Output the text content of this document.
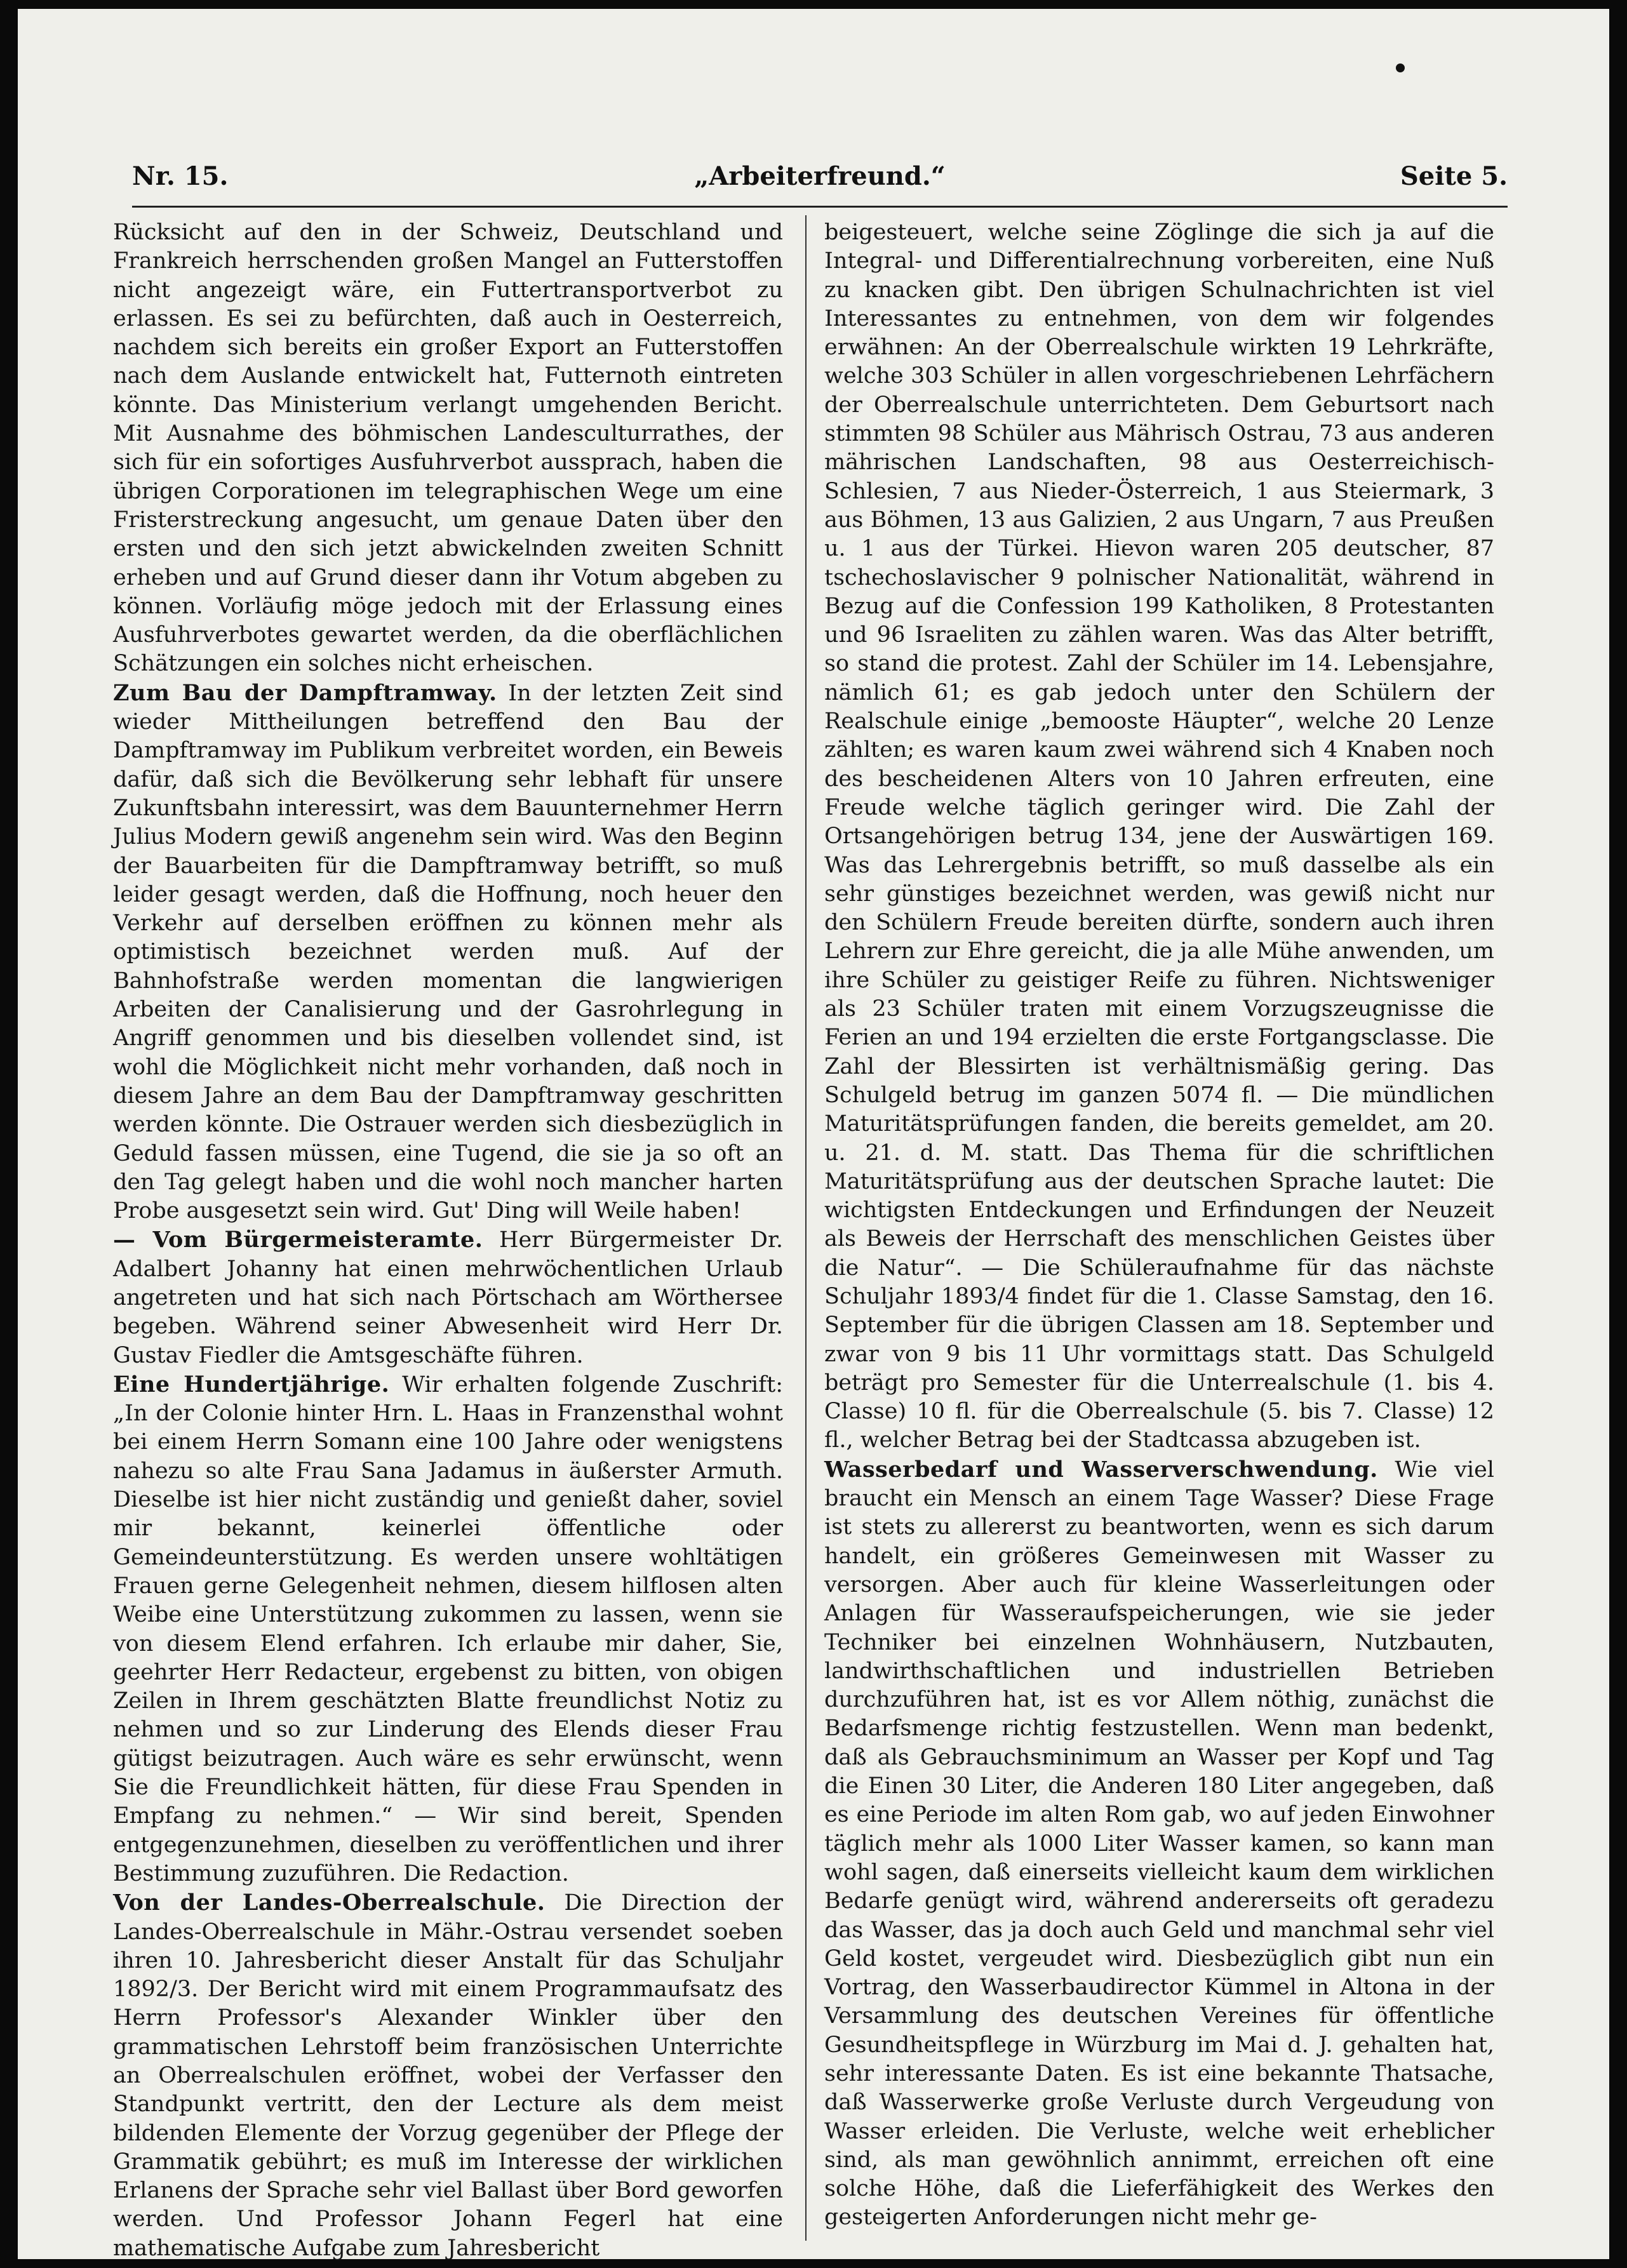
Nr. 15.	„Arbeiterfreund.“	Seite 5.

Rücksicht auf den in der Schweiz, Deutschland und Frankreich herrschenden großen Mangel an Futterstoffen nicht angezeigt wäre, ein Futtertransportverbot zu erlassen. Es sei zu befürchten, daß auch in Oesterreich, nachdem sich bereits ein großer Export an Futterstoffen nach dem Auslande entwickelt hat, Futternoth eintreten könnte. Das Ministerium verlangt umgehenden Bericht. Mit Ausnahme des böhmischen Landesculturrathes, der sich für ein sofortiges Ausfuhrverbot aussprach, haben die übrigen Corporationen im telegraphischen Wege um eine Fristerstreckung angesucht, um genaue Daten über den ersten und den sich jetzt abwickelnden zweiten Schnitt erheben und auf Grund dieser dann ihr Votum abgeben zu können. Vorläufig möge jedoch mit der Erlassung eines Ausfuhrverbotes gewartet werden, da die oberflächlichen Schätzungen ein solches nicht erheischen.

Zum Bau der Dampftramway. In der letzten Zeit sind wieder Mittheilungen betreffend den Bau der Dampftramway im Publikum verbreitet worden, ein Beweis dafür, daß sich die Bevölkerung sehr lebhaft für unsere Zukunftsbahn interessirt, was dem Bauunternehmer Herrn Julius Modern gewiß angenehm sein wird. Was den Beginn der Bauarbeiten für die Dampftramway betrifft, so muß leider gesagt werden, daß die Hoffnung, noch heuer den Verkehr auf derselben eröffnen zu können mehr als optimistisch bezeichnet werden muß. Auf der Bahnhofstraße werden momentan die langwierigen Arbeiten der Canalisierung und der Gasrohrlegung in Angriff genommen und bis dieselben vollendet sind, ist wohl die Möglichkeit nicht mehr vorhanden, daß noch in diesem Jahre an dem Bau der Dampftramway geschritten werden könnte. Die Ostrauer werden sich diesbezüglich in Geduld fassen müssen, eine Tugend, die sie ja so oft an den Tag gelegt haben und die wohl noch mancher harten Probe ausgesetzt sein wird. Gut' Ding will Weile haben!

— Vom Bürgermeisteramte. Herr Bürgermeister Dr. Adalbert Johanny hat einen mehrwöchentlichen Urlaub angetreten und hat sich nach Pörtschach am Wörthersee begeben. Während seiner Abwesenheit wird Herr Dr. Gustav Fiedler die Amtsgeschäfte führen.

Eine Hundertjährige. Wir erhalten folgende Zuschrift: „In der Colonie hinter Hrn. L. Haas in Franzensthal wohnt bei einem Herrn Somann eine 100 Jahre oder wenigstens nahezu so alte Frau Sana Jadamus in äußerster Armuth. Dieselbe ist hier nicht zuständig und genießt daher, soviel mir bekannt, keinerlei öffentliche oder Gemeindeunterstützung. Es werden unsere wohltätigen Frauen gerne Gelegenheit nehmen, diesem hilflosen alten Weibe eine Unterstützung zukommen zu lassen, wenn sie von diesem Elend erfahren. Ich erlaube mir daher, Sie, geehrter Herr Redacteur, ergebenst zu bitten, von obigen Zeilen in Ihrem geschätzten Blatte freundlichst Notiz zu nehmen und so zur Linderung des Elends dieser Frau gütigst beizutragen. Auch wäre es sehr erwünscht, wenn Sie die Freundlichkeit hätten, für diese Frau Spenden in Empfang zu nehmen.“ — Wir sind bereit, Spenden entgegenzunehmen, dieselben zu veröffentlichen und ihrer Bestimmung zuzuführen. Die Redaction.

Von der Landes-Oberrealschule. Die Direction der Landes-Oberrealschule in Mähr.-Ostrau versendet soeben ihren 10. Jahresbericht dieser Anstalt für das Schuljahr 1892/3. Der Bericht wird mit einem Programmaufsatz des Herrn Professor's Alexander Winkler über den grammatischen Lehrstoff beim französischen Unterrichte an Oberrealschulen eröffnet, wobei der Verfasser den Standpunkt vertritt, den der Lecture als dem meist bildenden Elemente der Vorzug gegenüber der Pflege der Grammatik gebührt; es muß im Interesse der wirklichen Erlanens der Sprache sehr viel Ballast über Bord geworfen werden. Und Professor Johann Fegerl hat eine mathematische Aufgabe zum Jahresbericht

beigesteuert, welche seine Zöglinge die sich ja auf die Integral- und Differentialrechnung vorbereiten, eine Nuß zu knacken gibt. Den übrigen Schulnachrichten ist viel Interessantes zu entnehmen, von dem wir folgendes erwähnen: An der Oberrealschule wirkten 19 Lehrkräfte, welche 303 Schüler in allen vorgeschriebenen Lehrfächern der Oberrealschule unterrichteten. Dem Geburtsort nach stimmten 98 Schüler aus Mährisch Ostrau, 73 aus anderen mährischen Landschaften, 98 aus Oesterreichisch-Schlesien, 7 aus Nieder-Österreich, 1 aus Steiermark, 3 aus Böhmen, 13 aus Galizien, 2 aus Ungarn, 7 aus Preußen u. 1 aus der Türkei. Hievon waren 205 deutscher, 87 tschechoslavischer 9 polnischer Nationalität, während in Bezug auf die Confession 199 Katholiken, 8 Protestanten und 96 Israeliten zu zählen waren. Was das Alter betrifft, so stand die protest. Zahl der Schüler im 14. Lebensjahre, nämlich 61; es gab jedoch unter den Schülern der Realschule einige „bemooste Häupter“, welche 20 Lenze zählten; es waren kaum zwei während sich 4 Knaben noch des bescheidenen Alters von 10 Jahren erfreuten, eine Freude welche täglich geringer wird. Die Zahl der Ortsangehörigen betrug 134, jene der Auswärtigen 169. Was das Lehrergebnis betrifft, so muß dasselbe als ein sehr günstiges bezeichnet werden, was gewiß nicht nur den Schülern Freude bereiten dürfte, sondern auch ihren Lehrern zur Ehre gereicht, die ja alle Mühe anwenden, um ihre Schüler zu geistiger Reife zu führen. Nichtsweniger als 23 Schüler traten mit einem Vorzugszeugnisse die Ferien an und 194 erzielten die erste Fortgangsclasse. Die Zahl der Blessirten ist verhältnismäßig gering. Das Schulgeld betrug im ganzen 5074 fl. — Die mündlichen Maturitätsprüfungen fanden, die bereits gemeldet, am 20. u. 21. d. M. statt. Das Thema für die schriftlichen Maturitätsprüfung aus der deutschen Sprache lautet: Die wichtigsten Entdeckungen und Erfindungen der Neuzeit als Beweis der Herrschaft des menschlichen Geistes über die Natur“. — Die Schüleraufnahme für das nächste Schuljahr 1893/4 findet für die 1. Classe Samstag, den 16. September für die übrigen Classen am 18. September und zwar von 9 bis 11 Uhr vormittags statt. Das Schulgeld beträgt pro Semester für die Unterrealschule (1. bis 4. Classe) 10 fl. für die Oberrealschule (5. bis 7. Classe) 12 fl., welcher Betrag bei der Stadtcassa abzugeben ist.

Wasserbedarf und Wasserverschwendung. Wie viel braucht ein Mensch an einem Tage Wasser? Diese Frage ist stets zu allererst zu beantworten, wenn es sich darum handelt, ein größeres Gemeinwesen mit Wasser zu versorgen. Aber auch für kleine Wasserleitungen oder Anlagen für Wasseraufspeicherungen, wie sie jeder Techniker bei einzelnen Wohnhäusern, Nutzbauten, landwirthschaftlichen und industriellen Betrieben durchzuführen hat, ist es vor Allem nöthig, zunächst die Bedarfsmenge richtig festzustellen. Wenn man bedenkt, daß als Gebrauchsminimum an Wasser per Kopf und Tag die Einen 30 Liter, die Anderen 180 Liter angegeben, daß es eine Periode im alten Rom gab, wo auf jeden Einwohner täglich mehr als 1000 Liter Wasser kamen, so kann man wohl sagen, daß einerseits vielleicht kaum dem wirklichen Bedarfe genügt wird, während andererseits oft geradezu das Wasser, das ja doch auch Geld und manchmal sehr viel Geld kostet, vergeudet wird. Diesbezüglich gibt nun ein Vortrag, den Wasserbaudirector Kümmel in Altona in der Versammlung des deutschen Vereines für öffentliche Gesundheitspflege in Würzburg im Mai d. J. gehalten hat, sehr interessante Daten. Es ist eine bekannte Thatsache, daß Wasserwerke große Verluste durch Vergeudung von Wasser erleiden. Die Verluste, welche weit erheblicher sind, als man gewöhnlich annimmt, erreichen oft eine solche Höhe, daß die Lieferfähigkeit des Werkes den gesteigerten Anforderungen nicht mehr ge-
